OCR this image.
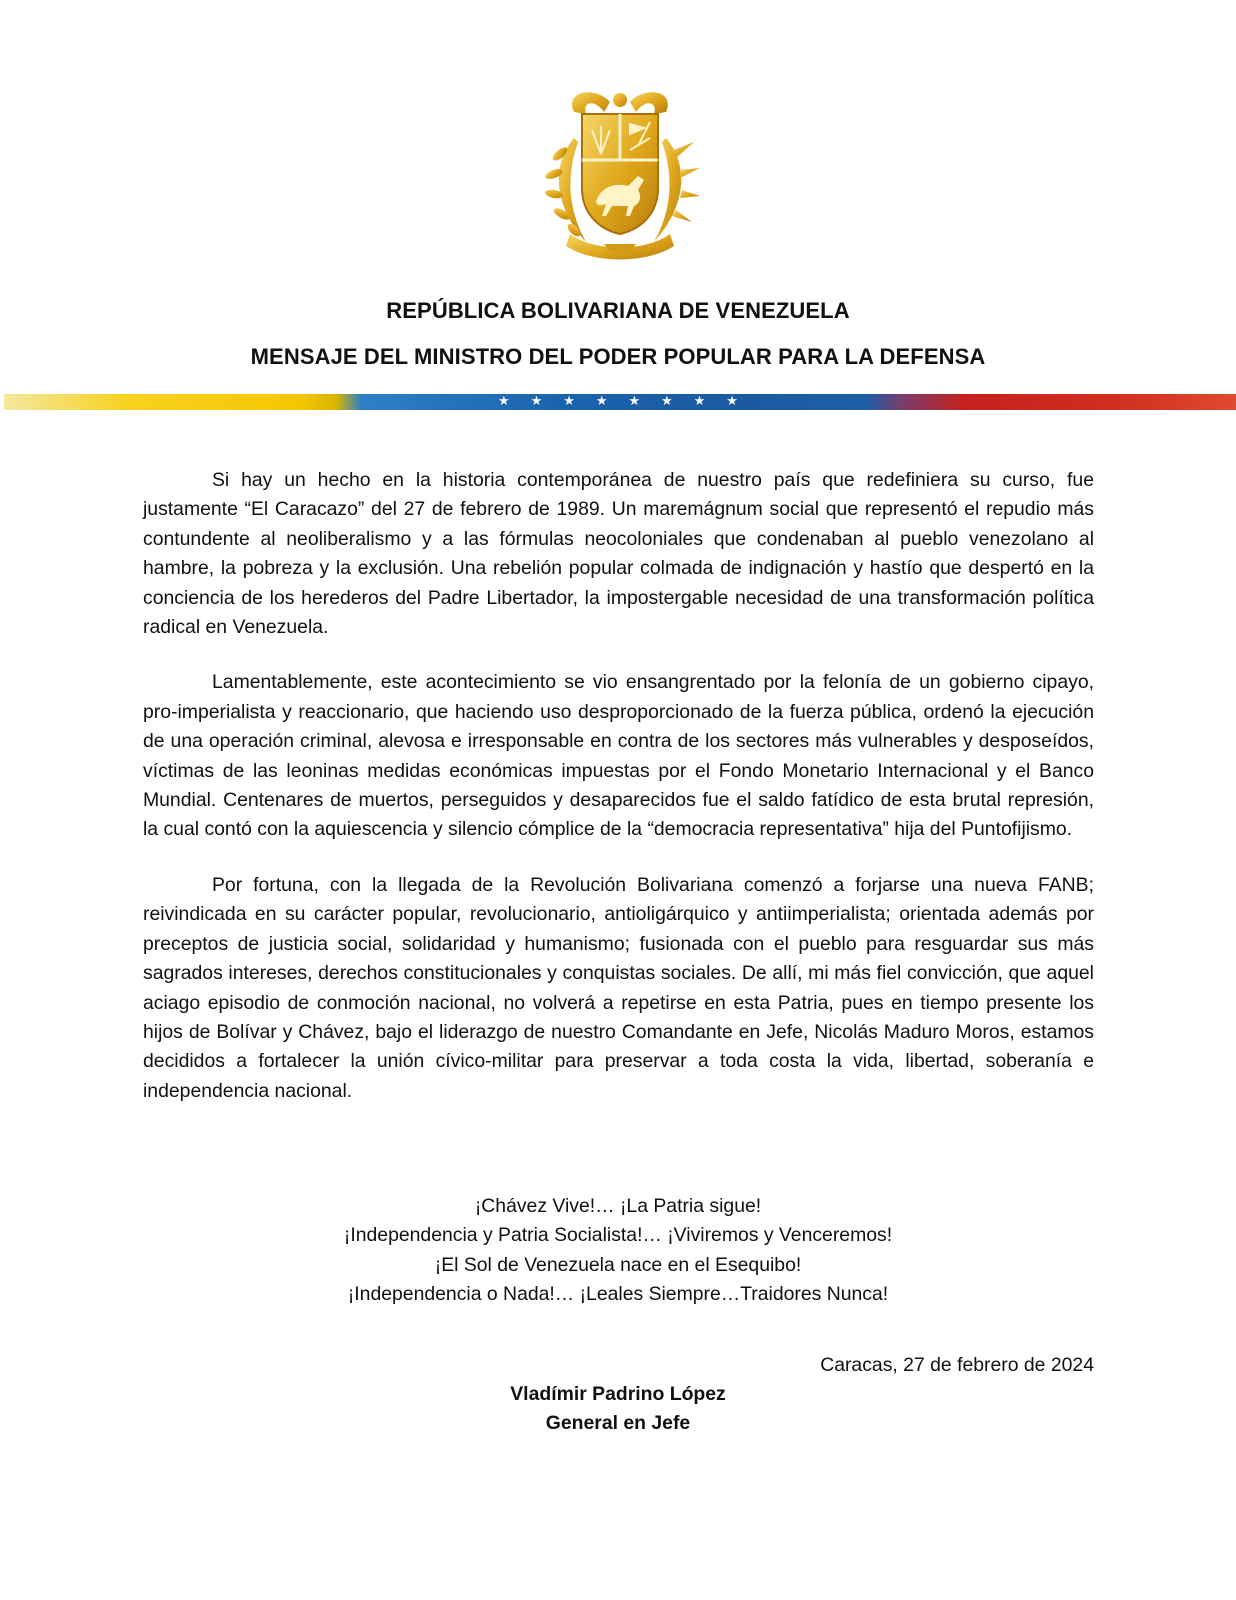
REPÚBLICA BOLIVARIANA DE VENEZUELA
MENSAJE DEL MINISTRO DEL PODER POPULAR PARA LA DEFENSA
★ ★ ★ ★ ★ ★ ★ ★

Si hay un hecho en la historia contemporánea de nuestro país que redefiniera su curso, fue justamente “El Caracazo” del 27 de febrero de 1989. Un maremágnum social que representó el repudio más contundente al neoliberalismo y a las fórmulas neocoloniales que condenaban al pueblo venezolano al hambre, la pobreza y la exclusión. Una rebelión popular colmada de indignación y hastío que despertó en la conciencia de los herederos del Padre Libertador, la impostergable necesidad de una transformación política radical en Venezuela.

Lamentablemente, este acontecimiento se vio ensangrentado por la felonía de un gobierno cipayo, pro-imperialista y reaccionario, que haciendo uso desproporcionado de la fuerza pública, ordenó la ejecución de una operación criminal, alevosa e irresponsable en contra de los sectores más vulnerables y desposeídos, víctimas de las leoninas medidas económicas impuestas por el Fondo Monetario Internacional y el Banco Mundial. Centenares de muertos, perseguidos y desaparecidos fue el saldo fatídico de esta brutal represión, la cual contó con la aquiescencia y silencio cómplice de la “democracia representativa” hija del Puntofijismo.

Por fortuna, con la llegada de la Revolución Bolivariana comenzó a forjarse una nueva FANB; reivindicada en su carácter popular, revolucionario, antioligárquico y antiimperialista; orientada además por preceptos de justicia social, solidaridad y humanismo; fusionada con el pueblo para resguardar sus más sagrados intereses, derechos constitucionales y conquistas sociales. De allí, mi más fiel convicción, que aquel aciago episodio de conmoción nacional, no volverá a repetirse en esta Patria, pues en tiempo presente los hijos de Bolívar y Chávez, bajo el liderazgo de nuestro Comandante en Jefe, Nicolás Maduro Moros, estamos decididos a fortalecer la unión cívico-militar para preservar a toda costa la vida, libertad, soberanía e independencia nacional.

¡Chávez Vive!… ¡La Patria sigue!
¡Independencia y Patria Socialista!… ¡Viviremos y Venceremos!
¡El Sol de Venezuela nace en el Esequibo!
¡Independencia o Nada!… ¡Leales Siempre…Traidores Nunca!
Caracas, 27 de febrero de 2024
Vladímir Padrino López
General en Jefe
